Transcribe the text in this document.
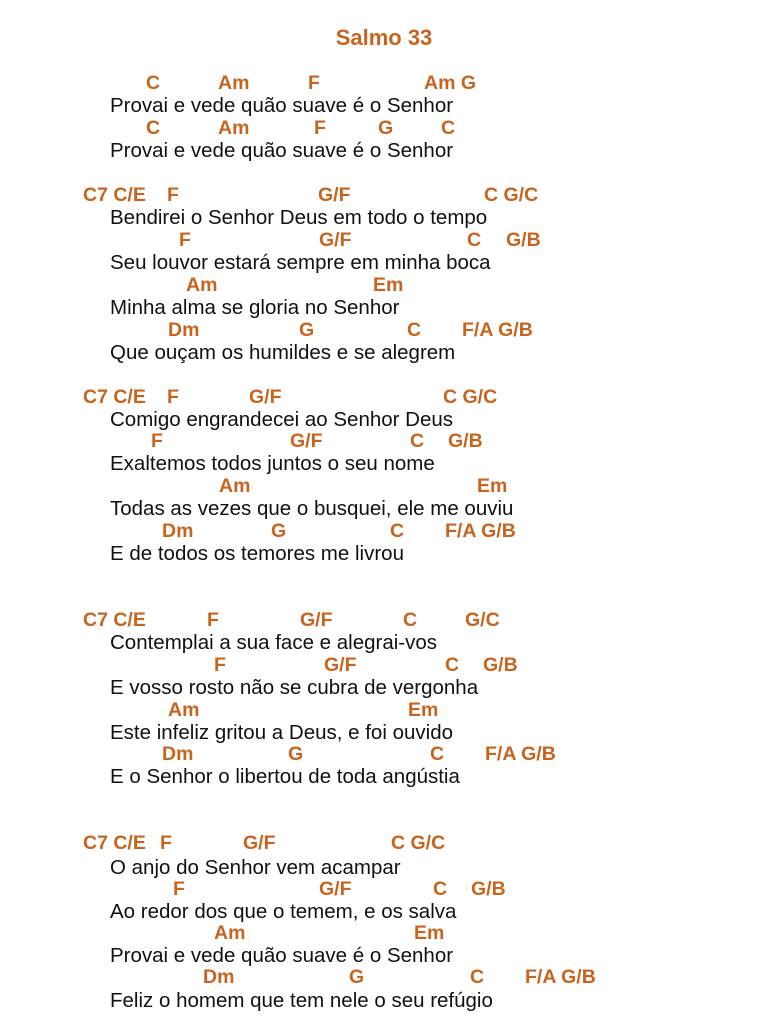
Salmo 33
C	Am	F	Am G
Provai e vede quão suave é o Senhor
C	Am	F	G C
Provai e vede quão suave é o Senhor
C7 C/E F	G/F	C G/C
Bendirei o Senhor Deus em todo o tempo
F	G/F	C G/B
Seu louvor estará sempre em minha boca
Am	Em
Minha alma se gloria no Senhor
Dm	G	C F/A G/B
Que ouçam os humildes e se alegrem
C7 C/E F	G/F	C G/C
Comigo engrandecei ao Senhor Deus
F	G/F	C G/B
Exaltemos todos juntos o seu nome
Am	Em
Todas as vezes que o busquei, ele me ouviu
Dm	G	C F/A G/B
E de todos os temores me livrou
C7 C/E	F	G/F	C G/C
Contemplai a sua face e alegrai-vos
F	G/F	C G/B
E vosso rosto não se cubra de vergonha
Am	Em
Este infeliz gritou a Deus, e foi ouvido
Dm	G	C F/A G/B
E o Senhor o libertou de toda angústia
C7 C/E F	G/F	C G/C
O anjo do Senhor vem acampar
F	G/F	C G/B
Ao redor dos que o temem, e os salva
Am	Em
Provai e vede quão suave é o Senhor
Dm	G	C F/A G/B
Feliz o homem que tem nele o seu refúgio
